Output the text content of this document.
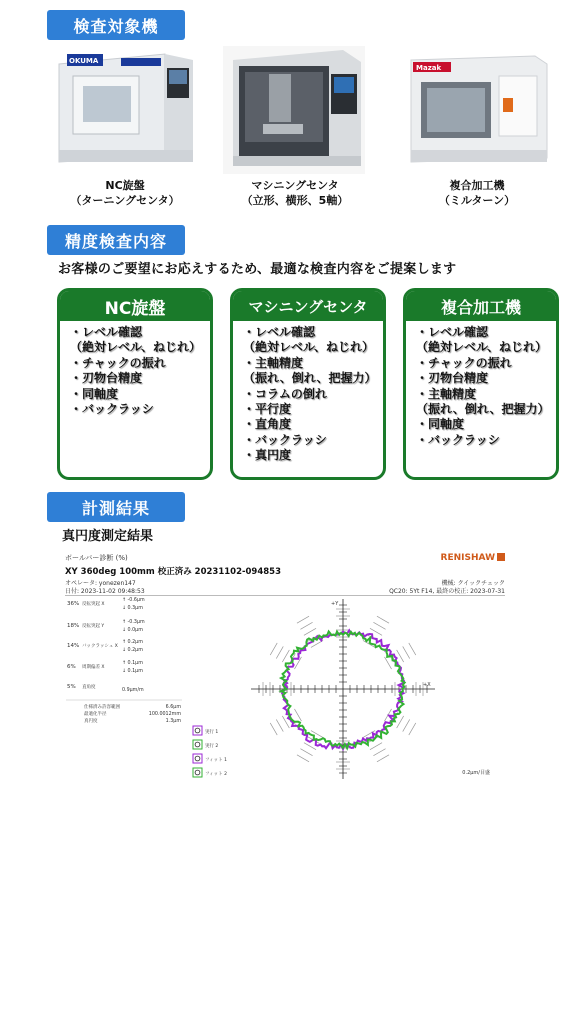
検査対象機
OKUMA
NC旋盤
（ターニングセンタ）
マシニングセンタ
（立形、横形、5軸）
Mazak
複合加工機
（ミルターン）
精度検査内容
お客様のご要望にお応えするため、最適な検査内容をご提案します
NC旋盤
・レベル確認
（絶対レベル、ねじれ）
・チャックの振れ
・刃物台精度
・同軸度
・バックラッシ
マシニングセンタ
・レベル確認
（絶対レベル、ねじれ）
・主軸精度
（振れ、倒れ、把握力）
・コラムの倒れ
・平行度
・直角度
・バックラッシ
・真円度
複合加工機
・レベル確認
（絶対レベル、ねじれ）
・チャックの振れ
・刃物台精度
・主軸精度
（振れ、倒れ、把握力）
・同軸度
・バックラッシ
計測結果
真円度測定結果
ボールバー診断 (%)
XY 360deg 100mm 校正済み 20231102-094853
RENISHAW
オペレータ: yonezen147
日付: 2023-11-02 09:48:53
機械: クイックチェック
QC20: 5Yt F14, 最終の校正: 2023-07-31
36% 反転突起 X
↑ -0.6μm
↓ 0.3μm
18% 反転突起 Y
↑ -0.3μm
↓ 0.0μm
14% バックラッシュ X
↑ 0.2μm
↓ 0.2μm
6% 周期偏差 X
↑ 0.1μm
↓ 0.1μm
5% 直角度
0.9μm/m
仕様済み許容範囲	6.6μm
最適化半径	100.0012mm
真円度	1.3μm
実行 1
実行 2
フィット 1
フィット 2
+X
+Y
0.2μm/目盛
